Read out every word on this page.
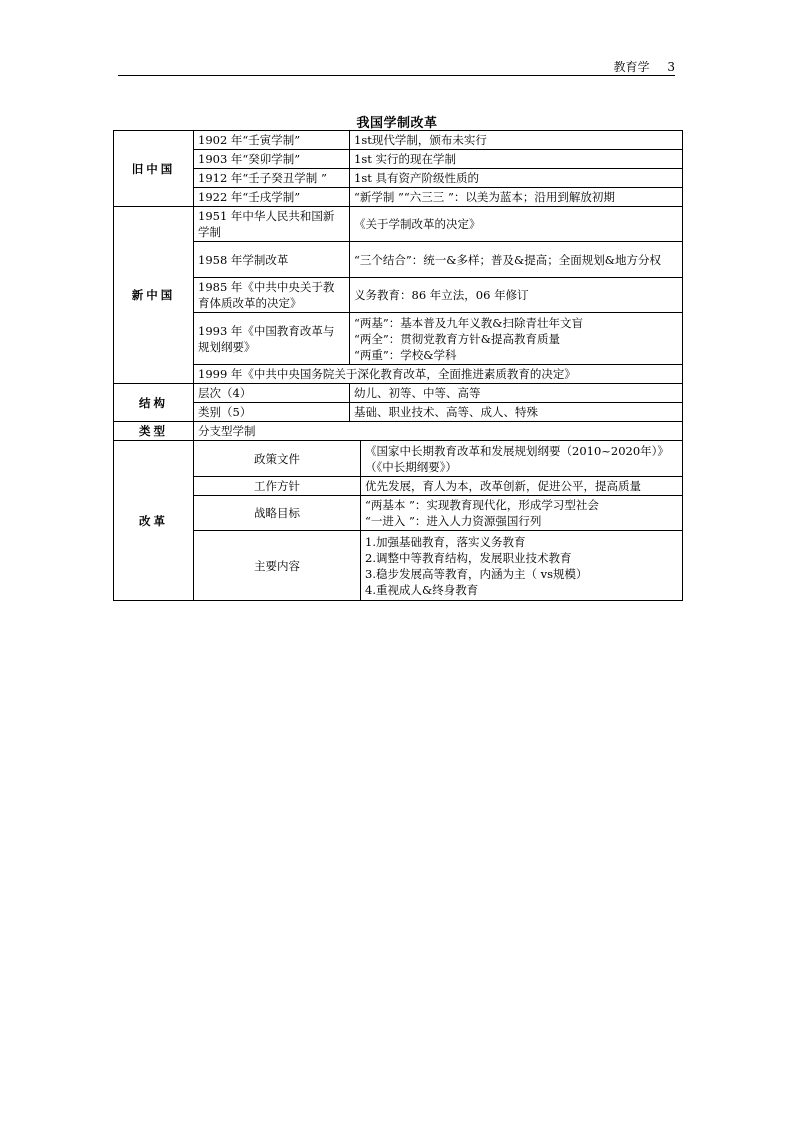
教育学 3
我国学制改革
旧中国	1902 年“壬寅学制”	1st现代学制，颁布未实行	
	1903 年“癸卯学制”	1st 实行的现在学制	
	1912 年“壬子癸丑学制 ”	1st 具有资产阶级性质的	
	1922 年“壬戌学制”	“新学制 ”“六三三 ”：以美为蓝本；沿用到解放初期	
新中国	1951 年中华人民共和国新学制	《关于学制改革的决定》	
	1958 年学制改革	“三个结合”：统一&多样；普及&提高；全面规划&地方分权	
	1985 年《中共中央关于教育体质改革的决定》	义务教育：86 年立法，06 年修订	
	1993 年《中国教育改革与规划纲要》	“两基”：基本普及九年义教&扫除青壮年文盲
“两全”：贯彻党教育方针&提高教育质量
“两重”：学校&学科	

	1999 年《中共中央国务院关于深化教育改革，全面推进素质教育的决定》		
结构	层次（4）	幼儿、初等、中等、高等	
	类别（5）	基础、职业技术、高等、成人、特殊	
类型	分支型学制		
改革	政策文件		《国家中长期教育改革和发展规划纲要（2010~2020年）》（《中长期纲要》）
	工作方针		优先发展，育人为本，改革创新，促进公平，提高质量
	战略目标		“两基本 ”：实现教育现代化，形成学习型社会
“一进入 ”：进入人力资源强国行列

	主要内容		1.加强基础教育，落实义务教育
2.调整中等教育结构，发展职业技术教育
3.稳步发展高等教育，内涵为主（ vs规模）
4.重视成人&终身教育
